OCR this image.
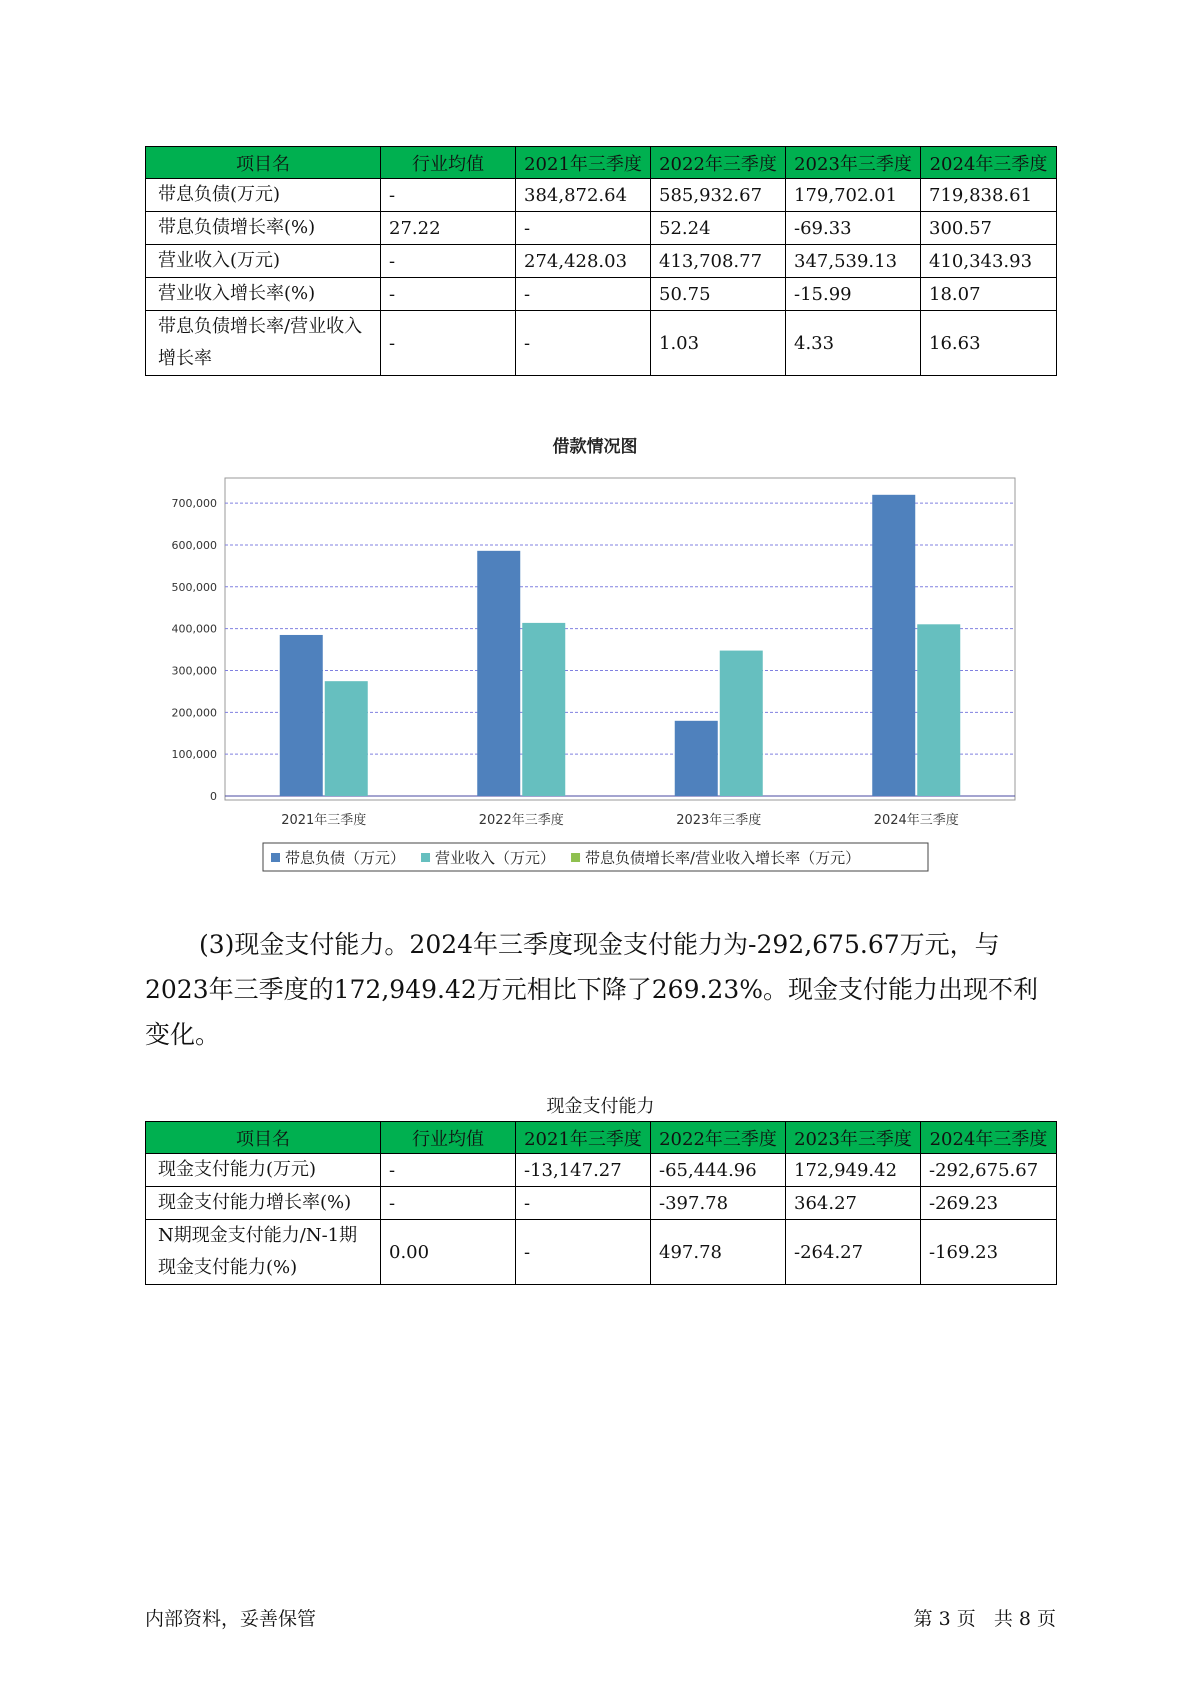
项目名	行业均值	2021年三季度	2022年三季度	2023年三季度	2024年三季度
带息负债(万元)	-	384,872.64	585,932.67	179,702.01	719,838.61
带息负债增长率(%)	27.22	-	52.24	-69.33	300.57
营业收入(万元)	-	274,428.03	413,708.77	347,539.13	410,343.93
营业收入增长率(%)	-	-	50.75	-15.99	18.07
带息负债增长率/营业收入增长率	-	-	1.03	4.33	16.63
借款情况图
0
100,000
200,000
300,000
400,000
500,000
600,000
700,000
2021年三季度	2022年三季度	2023年三季度	2024年三季度
带息负债（万元） 营业收入（万元） 带息负债增长率/营业收入增长率（万元）
(3)现金支付能力。2024年三季度现金支付能力为-292,675.67万元，与2023年三季度的172,949.42万元相比下降了269.23%。现金支付能力出现不利变化。
现金支付能力
项目名	行业均值	2021年三季度	2022年三季度	2023年三季度	2024年三季度
现金支付能力(万元)	-	-13,147.27	-65,444.96	172,949.42	-292,675.67
现金支付能力增长率(%)	-	-	-397.78	364.27	-269.23
N期现金支付能力/N-1期现金支付能力(%)	0.00	-	497.78	-264.27	-169.23
内部资料，妥善保管	第 3 页   共 8 页
